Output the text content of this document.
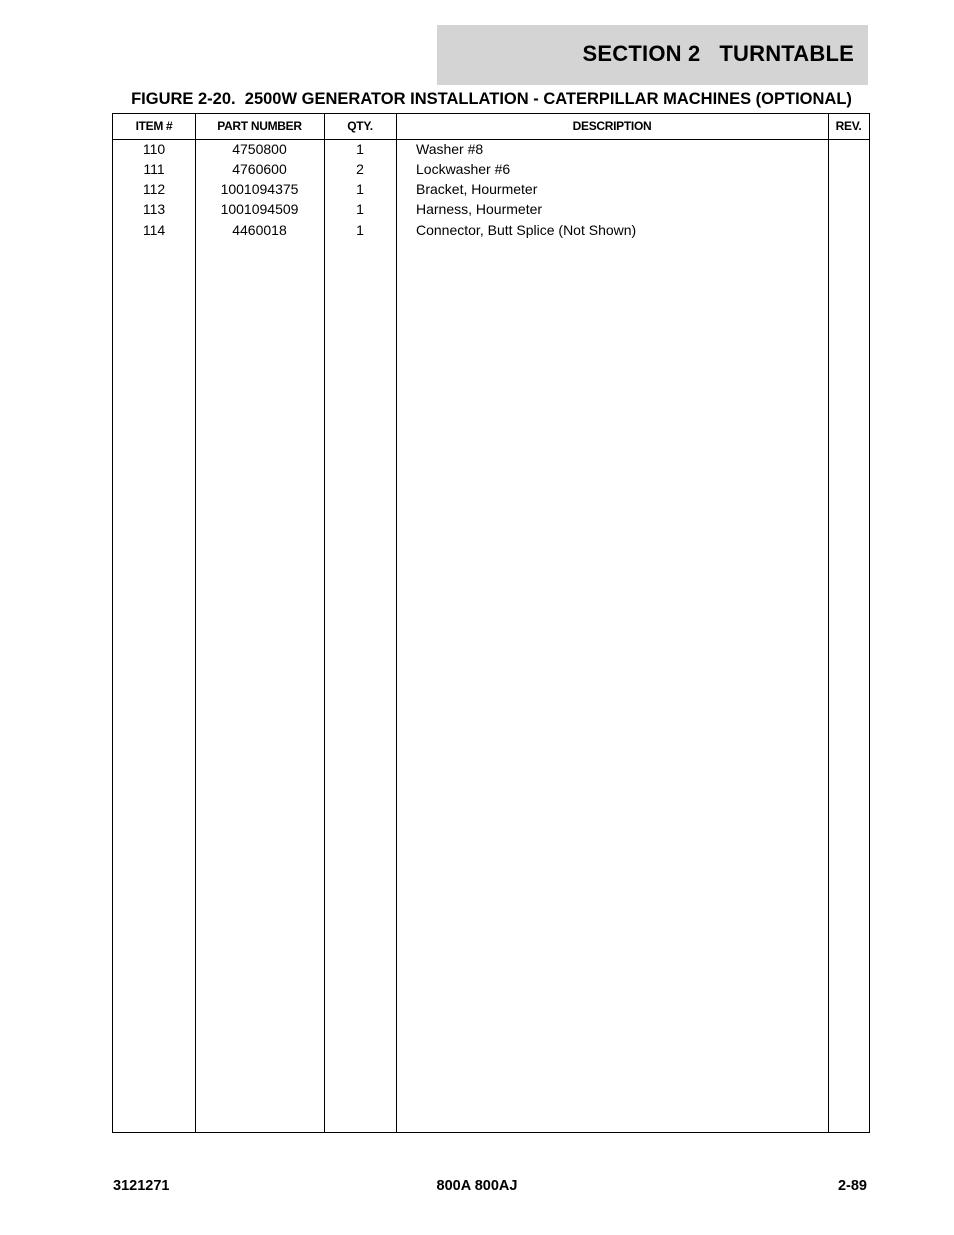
SECTION 2   TURNTABLE
FIGURE 2-20.  2500W GENERATOR INSTALLATION - CATERPILLAR MACHINES (OPTIONAL)
ITEM #	PART NUMBER	QTY.	DESCRIPTION	REV.
110	4750800	1	Washer #8
111	4760600	2	Lockwasher #6
112	1001094375	1	Bracket, Hourmeter
113	1001094509	1	Harness, Hourmeter
114	4460018	1	Connector, Butt Splice (Not Shown)
3121271	800A 800AJ	2-89
